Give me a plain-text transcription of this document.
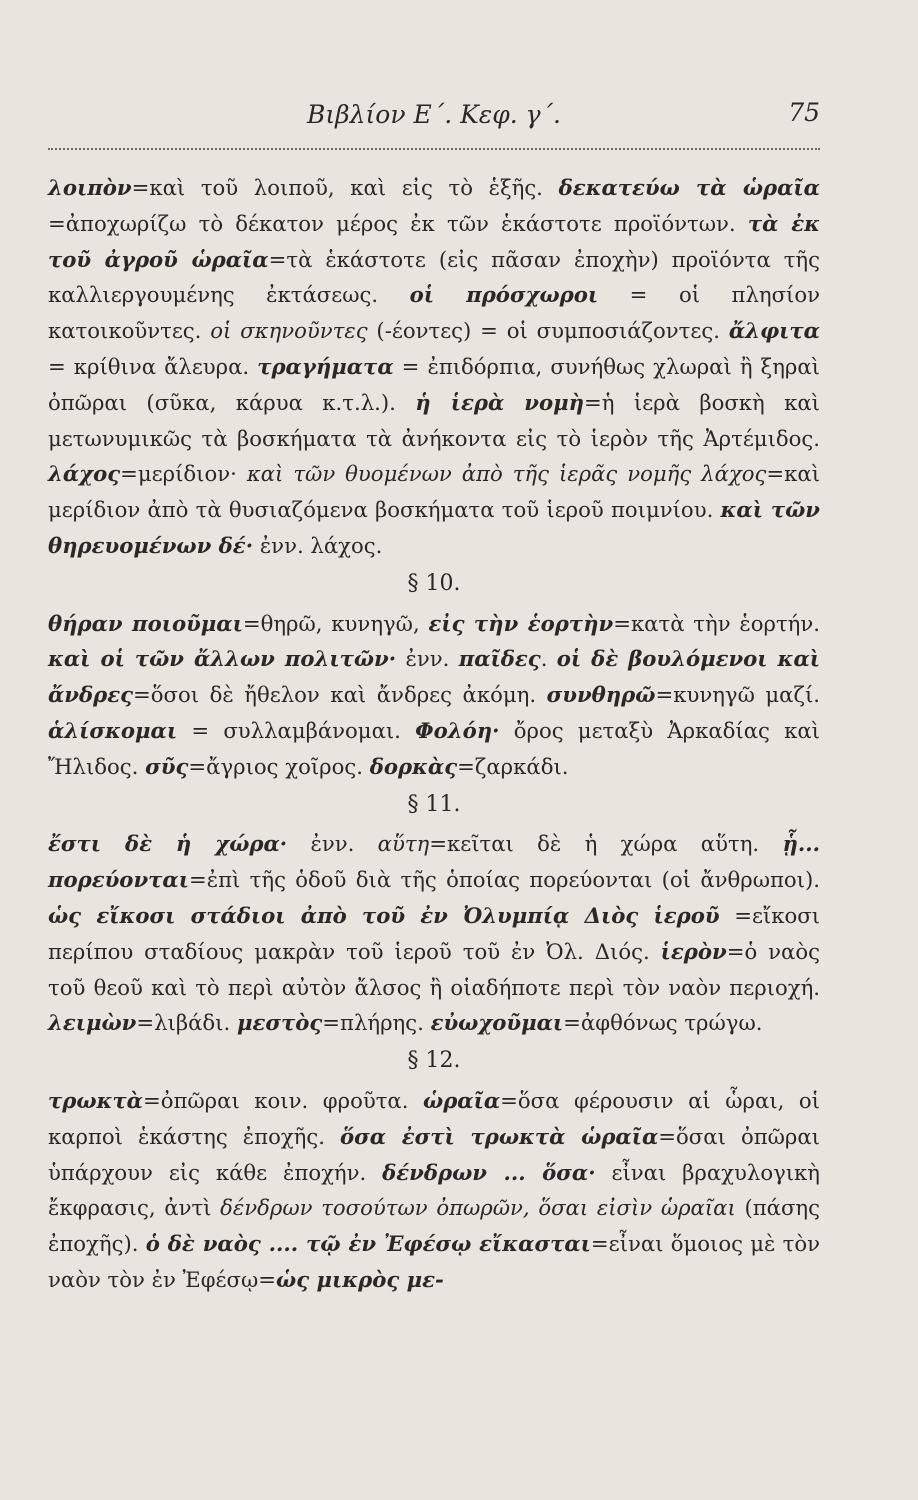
Βιβλίον Ε΄. Κεφ. γ΄.	75

λοιπὸν=καὶ τοῦ λοιποῦ, καὶ εἰς τὸ ἑξῆς. δεκατεύω τὰ ὡραῖα =ἀποχωρίζω τὸ δέκατον μέρος ἐκ τῶν ἑκάστοτε προϊόντων. τὰ ἐκ τοῦ ἀγροῦ ὡραῖα=τὰ ἑκάστοτε (εἰς πᾶσαν ἐποχὴν) προϊόντα τῆς καλλιεργουμένης ἐκτάσεως. οἱ πρόσχωροι = οἱ πλησίον κατοικοῦντες. οἱ σκηνοῦντες (-έοντες) = οἱ συμποσιάζοντες. ἄλφιτα = κρίθινα ἄλευρα. τραγήματα = ἐπιδόρπια, συνήθως χλωραὶ ἢ ξηραὶ ὀπῶραι (σῦκα, κάρυα κ.τ.λ.). ἡ ἱερὰ νομὴ=ἡ ἱερὰ βοσκὴ καὶ μετωνυμικῶς τὰ βοσκήματα τὰ ἀνήκοντα εἰς τὸ ἱερὸν τῆς Ἀρτέμιδος. λάχος=μερίδιον· καὶ τῶν θυομένων ἀπὸ τῆς ἱερᾶς νομῆς λάχος=καὶ μερίδιον ἀπὸ τὰ θυσιαζόμενα βοσκήματα τοῦ ἱεροῦ ποιμνίου. καὶ τῶν θηρευομένων δέ· ἐνν. λάχος.

§ 10.

θήραν ποιοῦμαι=θηρῶ, κυνηγῶ, εἰς τὴν ἑορτὴν=κατὰ τὴν ἑορτήν. καὶ οἱ τῶν ἄλλων πολιτῶν· ἐνν. παῖδες. οἱ δὲ βουλόμενοι καὶ ἄνδρες=ὅσοι δὲ ἤθελον καὶ ἄνδρες ἀκόμη. συνθηρῶ=κυνηγῶ μαζί. ἁλίσκομαι = συλλαμβάνομαι. Φολόη· ὄρος μεταξὺ Ἀρκαδίας καὶ Ἤλιδος. σῦς=ἄγριος χοῖρος. δορκὰς=ζαρκάδι.

§ 11.

ἔστι δὲ ἡ χώρα· ἐνν. αὕτη=κεῖται δὲ ἡ χώρα αὕτη. ᾗ... πορεύονται=ἐπὶ τῆς ὁδοῦ διὰ τῆς ὁποίας πορεύονται (οἱ ἄνθρωποι). ὡς εἴκοσι στάδιοι ἀπὸ τοῦ ἐν Ὀλυμπίᾳ Διὸς ἱεροῦ =εἴκοσι περίπου σταδίους μακρὰν τοῦ ἱεροῦ τοῦ ἐν Ὀλ. Διός. ἱερὸν=ὁ ναὸς τοῦ θεοῦ καὶ τὸ περὶ αὐτὸν ἄλσος ἢ οἱαδήποτε περὶ τὸν ναὸν περιοχή. λειμὼν=λιβάδι. μεστὸς=πλήρης. εὐωχοῦμαι=ἀφθόνως τρώγω.

§ 12.

τρωκτὰ=ὀπῶραι κοιν. φροῦτα. ὡραῖα=ὅσα φέρουσιν αἱ ὧραι, οἱ καρποὶ ἑκάστης ἐποχῆς. ὅσα ἐστὶ τρωκτὰ ὡραῖα=ὅσαι ὀπῶραι ὑπάρχουν εἰς κάθε ἐποχήν. δένδρων ... ὅσα· εἶναι βραχυλογικὴ ἔκφρασις, ἀντὶ δένδρων τοσούτων ὀπωρῶν, ὅσαι εἰσὶν ὡραῖαι (πάσης ἐποχῆς). ὁ δὲ ναὸς .... τῷ ἐν Ἐφέσῳ εἴκασται=εἶναι ὅμοιος μὲ τὸν ναὸν τὸν ἐν Ἐφέσῳ=ὡς μικρὸς με-
